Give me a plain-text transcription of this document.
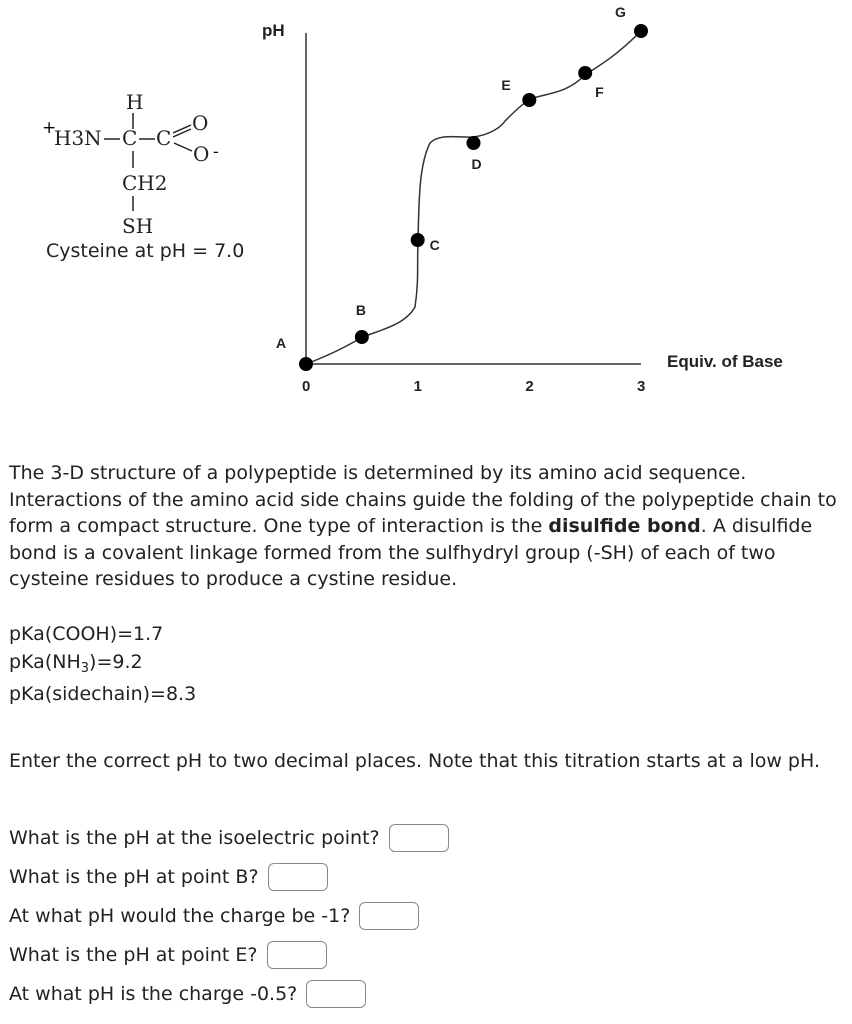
+
H
H3N C C
O
O -
CH2
SH
Cysteine at pH = 7.0
pH
Equiv. of Base
0	1	2	3
A
B
C
D
E	F
G
The 3-D structure of a polypeptide is determined by its amino acid sequence. Interactions of the amino acid side chains guide the folding of the polypeptide chain to form a compact structure. One type of interaction is the disulfide bond. A disulfide bond is a covalent linkage formed from the sulfhydryl group (-SH) of each of two cysteine residues to produce a cystine residue.
pKa(COOH)=1.7
$pKa(NH_3)=9.2$
pKa(sidechain)=8.3
Enter the correct pH to two decimal places. Note that this titration starts at a low pH.
What is the pH at the isoelectric point?
What is the pH at point B?
At what pH would the charge be -1?
What is the pH at point E?
At what pH is the charge -0.5?
